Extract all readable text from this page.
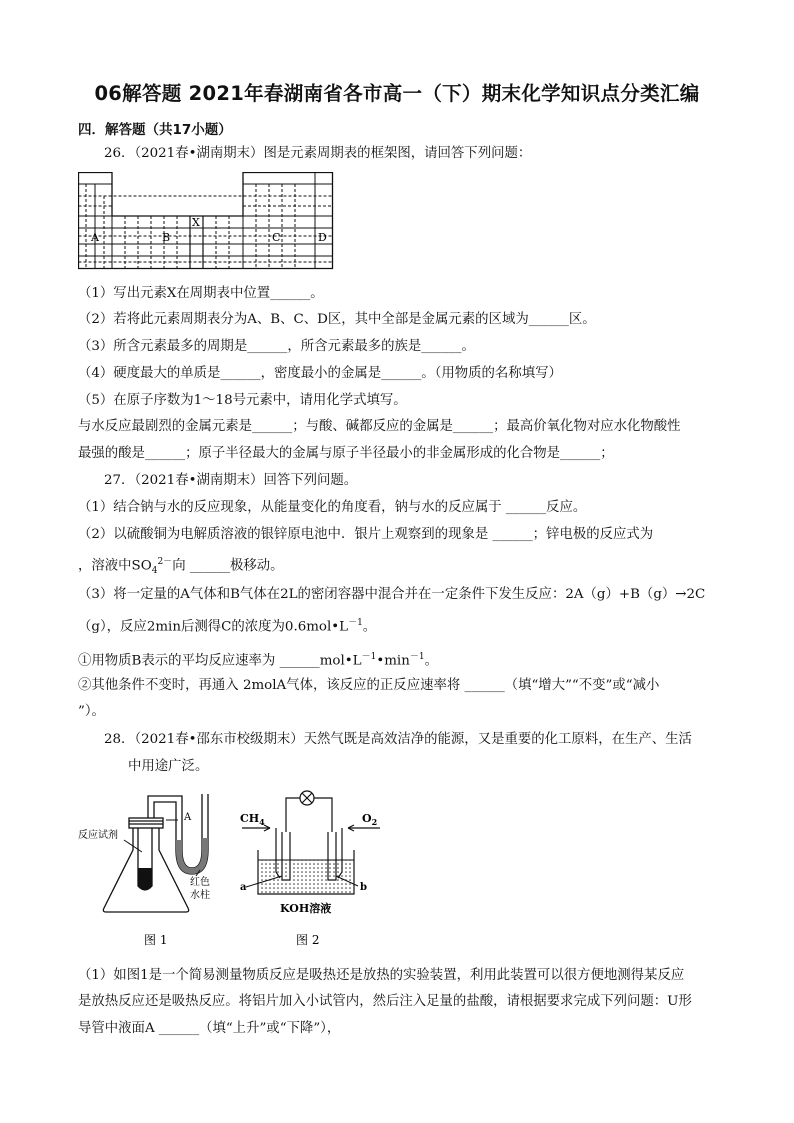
06解答题 2021年春湖南省各市高一（下）期末化学知识点分类汇编
四．解答题（共17小题）
26．（2021春•湖南期末）图是元素周期表的框架图，请回答下列问题：
A	B
X
C	D
（1）写出元素X在周期表中位置______。
（2）若将此元素周期表分为A、B、C、D区，其中全部是金属元素的区域为______区。
（3）所含元素最多的周期是______，所含元素最多的族是______。
（4）硬度最大的单质是______，密度最小的金属是______。（用物质的名称填写）
（5）在原子序数为1～18号元素中，请用化学式填写。
与水反应最剧烈的金属元素是______；与酸、碱都反应的金属是______；最高价氧化物对应水化物酸性
最强的酸是______；原子半径最大的金属与原子半径最小的非金属形成的化合物是______；
27．（2021春•湖南期末）回答下列问题。
（1）结合钠与水的反应现象，从能量变化的角度看，钠与水的反应属于 ______反应。
（2）以硫酸铜为电解质溶液的银锌原电池中．银片上观察到的现象是 ______；锌电极的反应式为
，溶液中$SO_4^{2-}$向 ______极移动。
（3）将一定量的A气体和B气体在2L的密闭容器中混合并在一定条件下发生反应：2A（g）+B（g）→2C
（g），反应2min后测得C的浓度为$0.6mol•L^{-1}$。
①用物质B表示的平均反应速率为 $\_\_\_\_\_\_mol•L^{-1}•\min^{-1}$。
②其他条件不变时，再通入 2molA气体，该反应的正反应速率将 ______（填“增大”“不变”或“减小
”）。
28．（2021春•邵东市校级期末）天然气既是高效洁净的能源，又是重要的化工原料，在生产、生活
中用途广泛。
A
反应试剂
红色
水柱
图 1
$CH_4$	$O_2$
a	b
KOH溶液
图 2
（1）如图1是一个简易测量物质反应是吸热还是放热的实验装置，利用此装置可以很方便地测得某反应
是放热反应还是吸热反应。将铝片加入小试管内，然后注入足量的盐酸，请根据要求完成下列问题：U形
导管中液面A ______（填“上升”或“下降”），
